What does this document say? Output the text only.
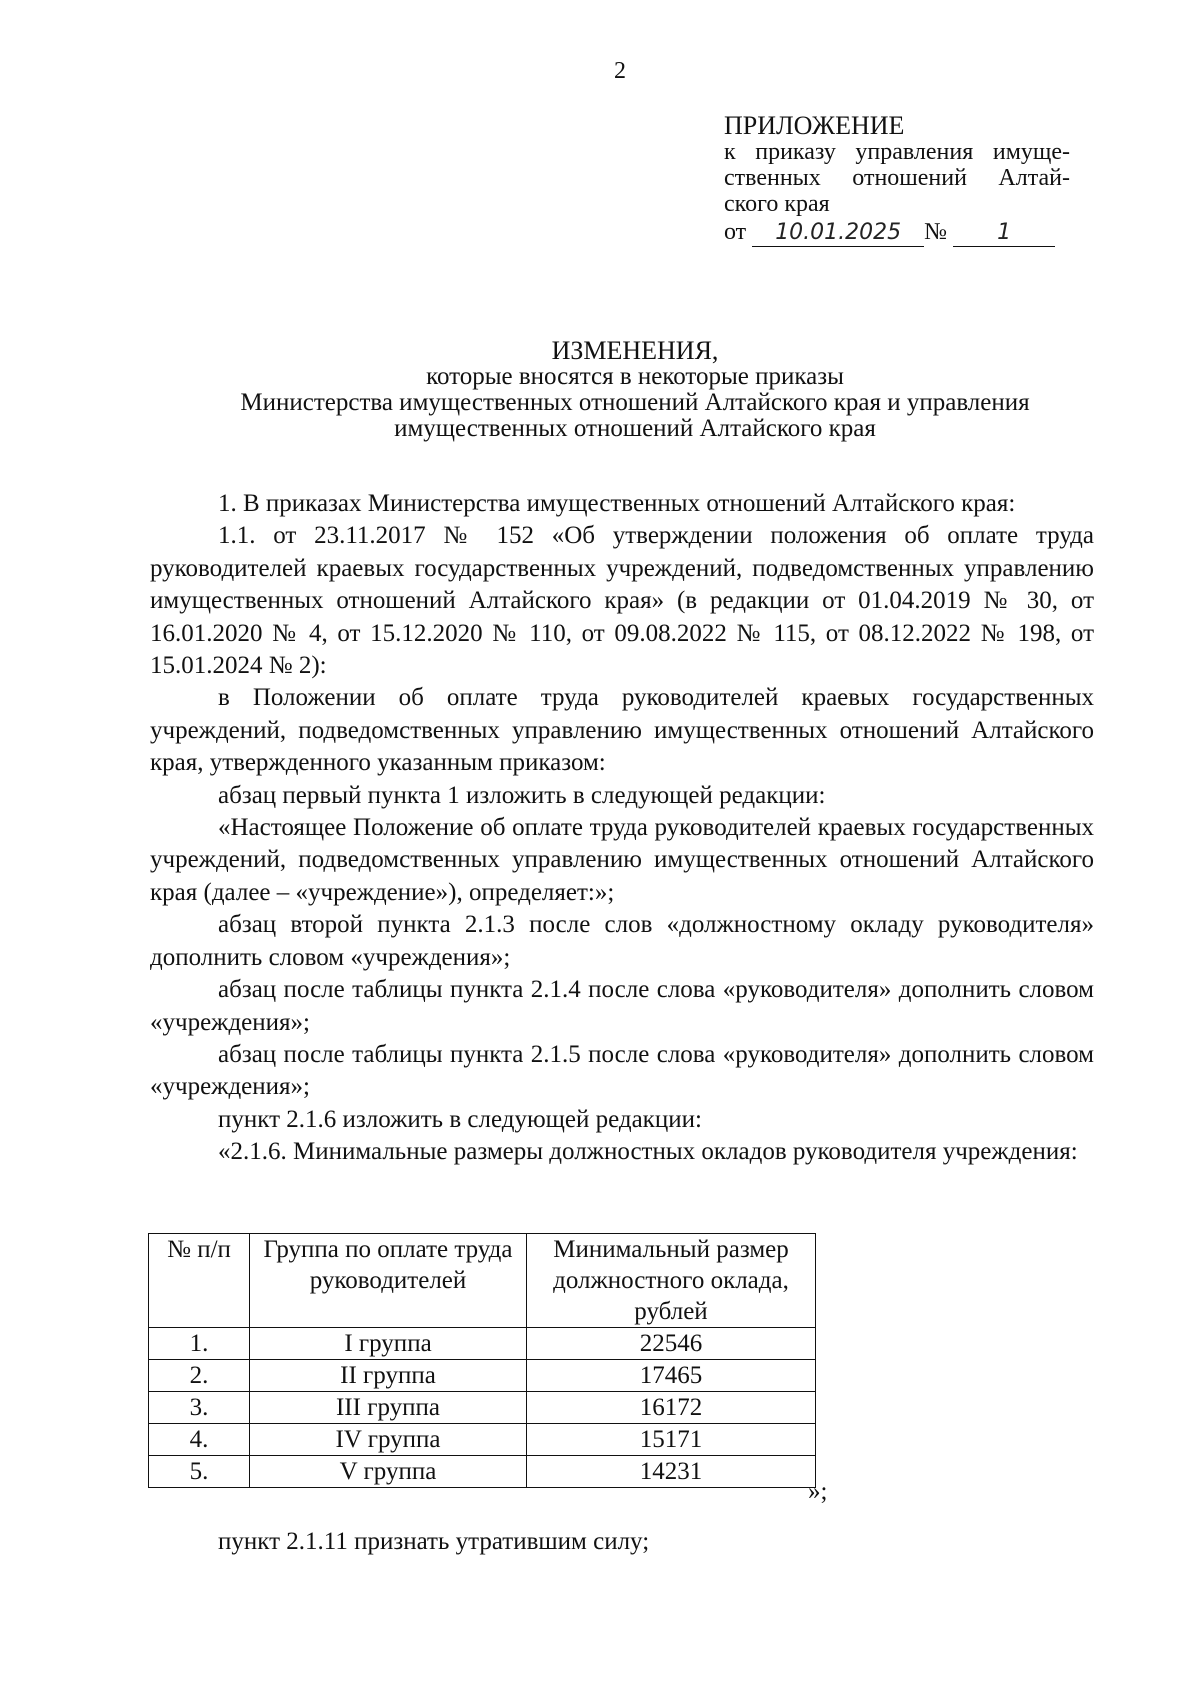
2
ПРИЛОЖЕНИЕ
к приказу управления имуще-
ственных отношений Алтай-
ского края
от 10.01.2025 № 1
ИЗМЕНЕНИЯ,
которые вносятся в некоторые приказы
Министерства имущественных отношений Алтайского края и управления
имущественных отношений Алтайского края

1. В приказах Министерства имущественных отношений Алтайского края:

1.1. от 23.11.2017 № 152 «Об утверждении положения об оплате труда руководителей краевых государственных учреждений, подведомственных управлению имущественных отношений Алтайского края» (в редакции от 01.04.2019 № 30, от 16.01.2020 № 4, от 15.12.2020 № 110, от 09.08.2022 № 115, от 08.12.2022 № 198, от 15.01.2024 № 2):

в Положении об оплате труда руководителей краевых государственных учреждений, подведомственных управлению имущественных отношений Алтайского края, утвержденного указанным приказом:

абзац первый пункта 1 изложить в следующей редакции:

«Настоящее Положение об оплате труда руководителей краевых государственных учреждений, подведомственных управлению имущественных отношений Алтайского края (далее – «учреждение»), определяет:»;

абзац второй пункта 2.1.3 после слов «должностному окладу руководителя» дополнить словом «учреждения»;

абзац после таблицы пункта 2.1.4 после слова «руководителя» дополнить словом «учреждения»;

абзац после таблицы пункта 2.1.5 после слова «руководителя» дополнить словом «учреждения»;

пункт 2.1.6 изложить в следующей редакции:

«2.1.6. Минимальные размеры должностных окладов руководителя учреждения:

№ п/п	Группа по оплате труда руководителей	Минимальный размер должностного оклада, рублей
1.	I группа	22546
2.	II группа	17465
3.	III группа	16172
4.	IV группа	15171
5.	V группа	14231
»;
пункт 2.1.11 признать утратившим силу;
